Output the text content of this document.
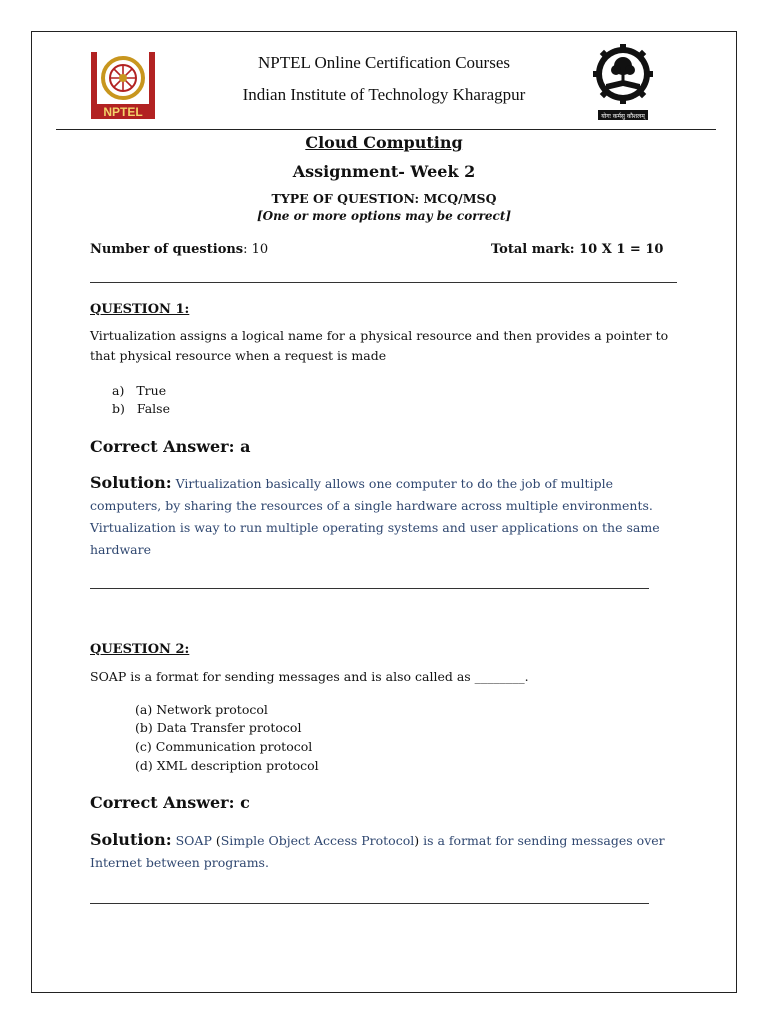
NPTEL	योगः कर्मसु कौशलम्
NPTEL Online Certification Courses
Indian Institute of Technology Kharagpur
Cloud Computing
Assignment- Week 2
TYPE OF QUESTION: MCQ/MSQ
[One or more options may be correct]
Number of questions: 10	Total mark: 10 X 1 = 10
QUESTION 1:
Virtualization assigns a logical name for a physical resource and then provides a pointer to that physical resource when a request is made
a) True
b) False
Correct Answer: a
Solution: Virtualization basically allows one computer to do the job of multiple computers, by sharing the resources of a single hardware across multiple environments. Virtualization is way to run multiple operating systems and user applications on the same hardware
QUESTION 2:
SOAP is a format for sending messages and is also called as ________.
(a) Network protocol
(b) Data Transfer protocol
(c) Communication protocol
(d) XML description protocol
Correct Answer: c
Solution: SOAP (Simple Object Access Protocol) is a format for sending messages over Internet between programs.
